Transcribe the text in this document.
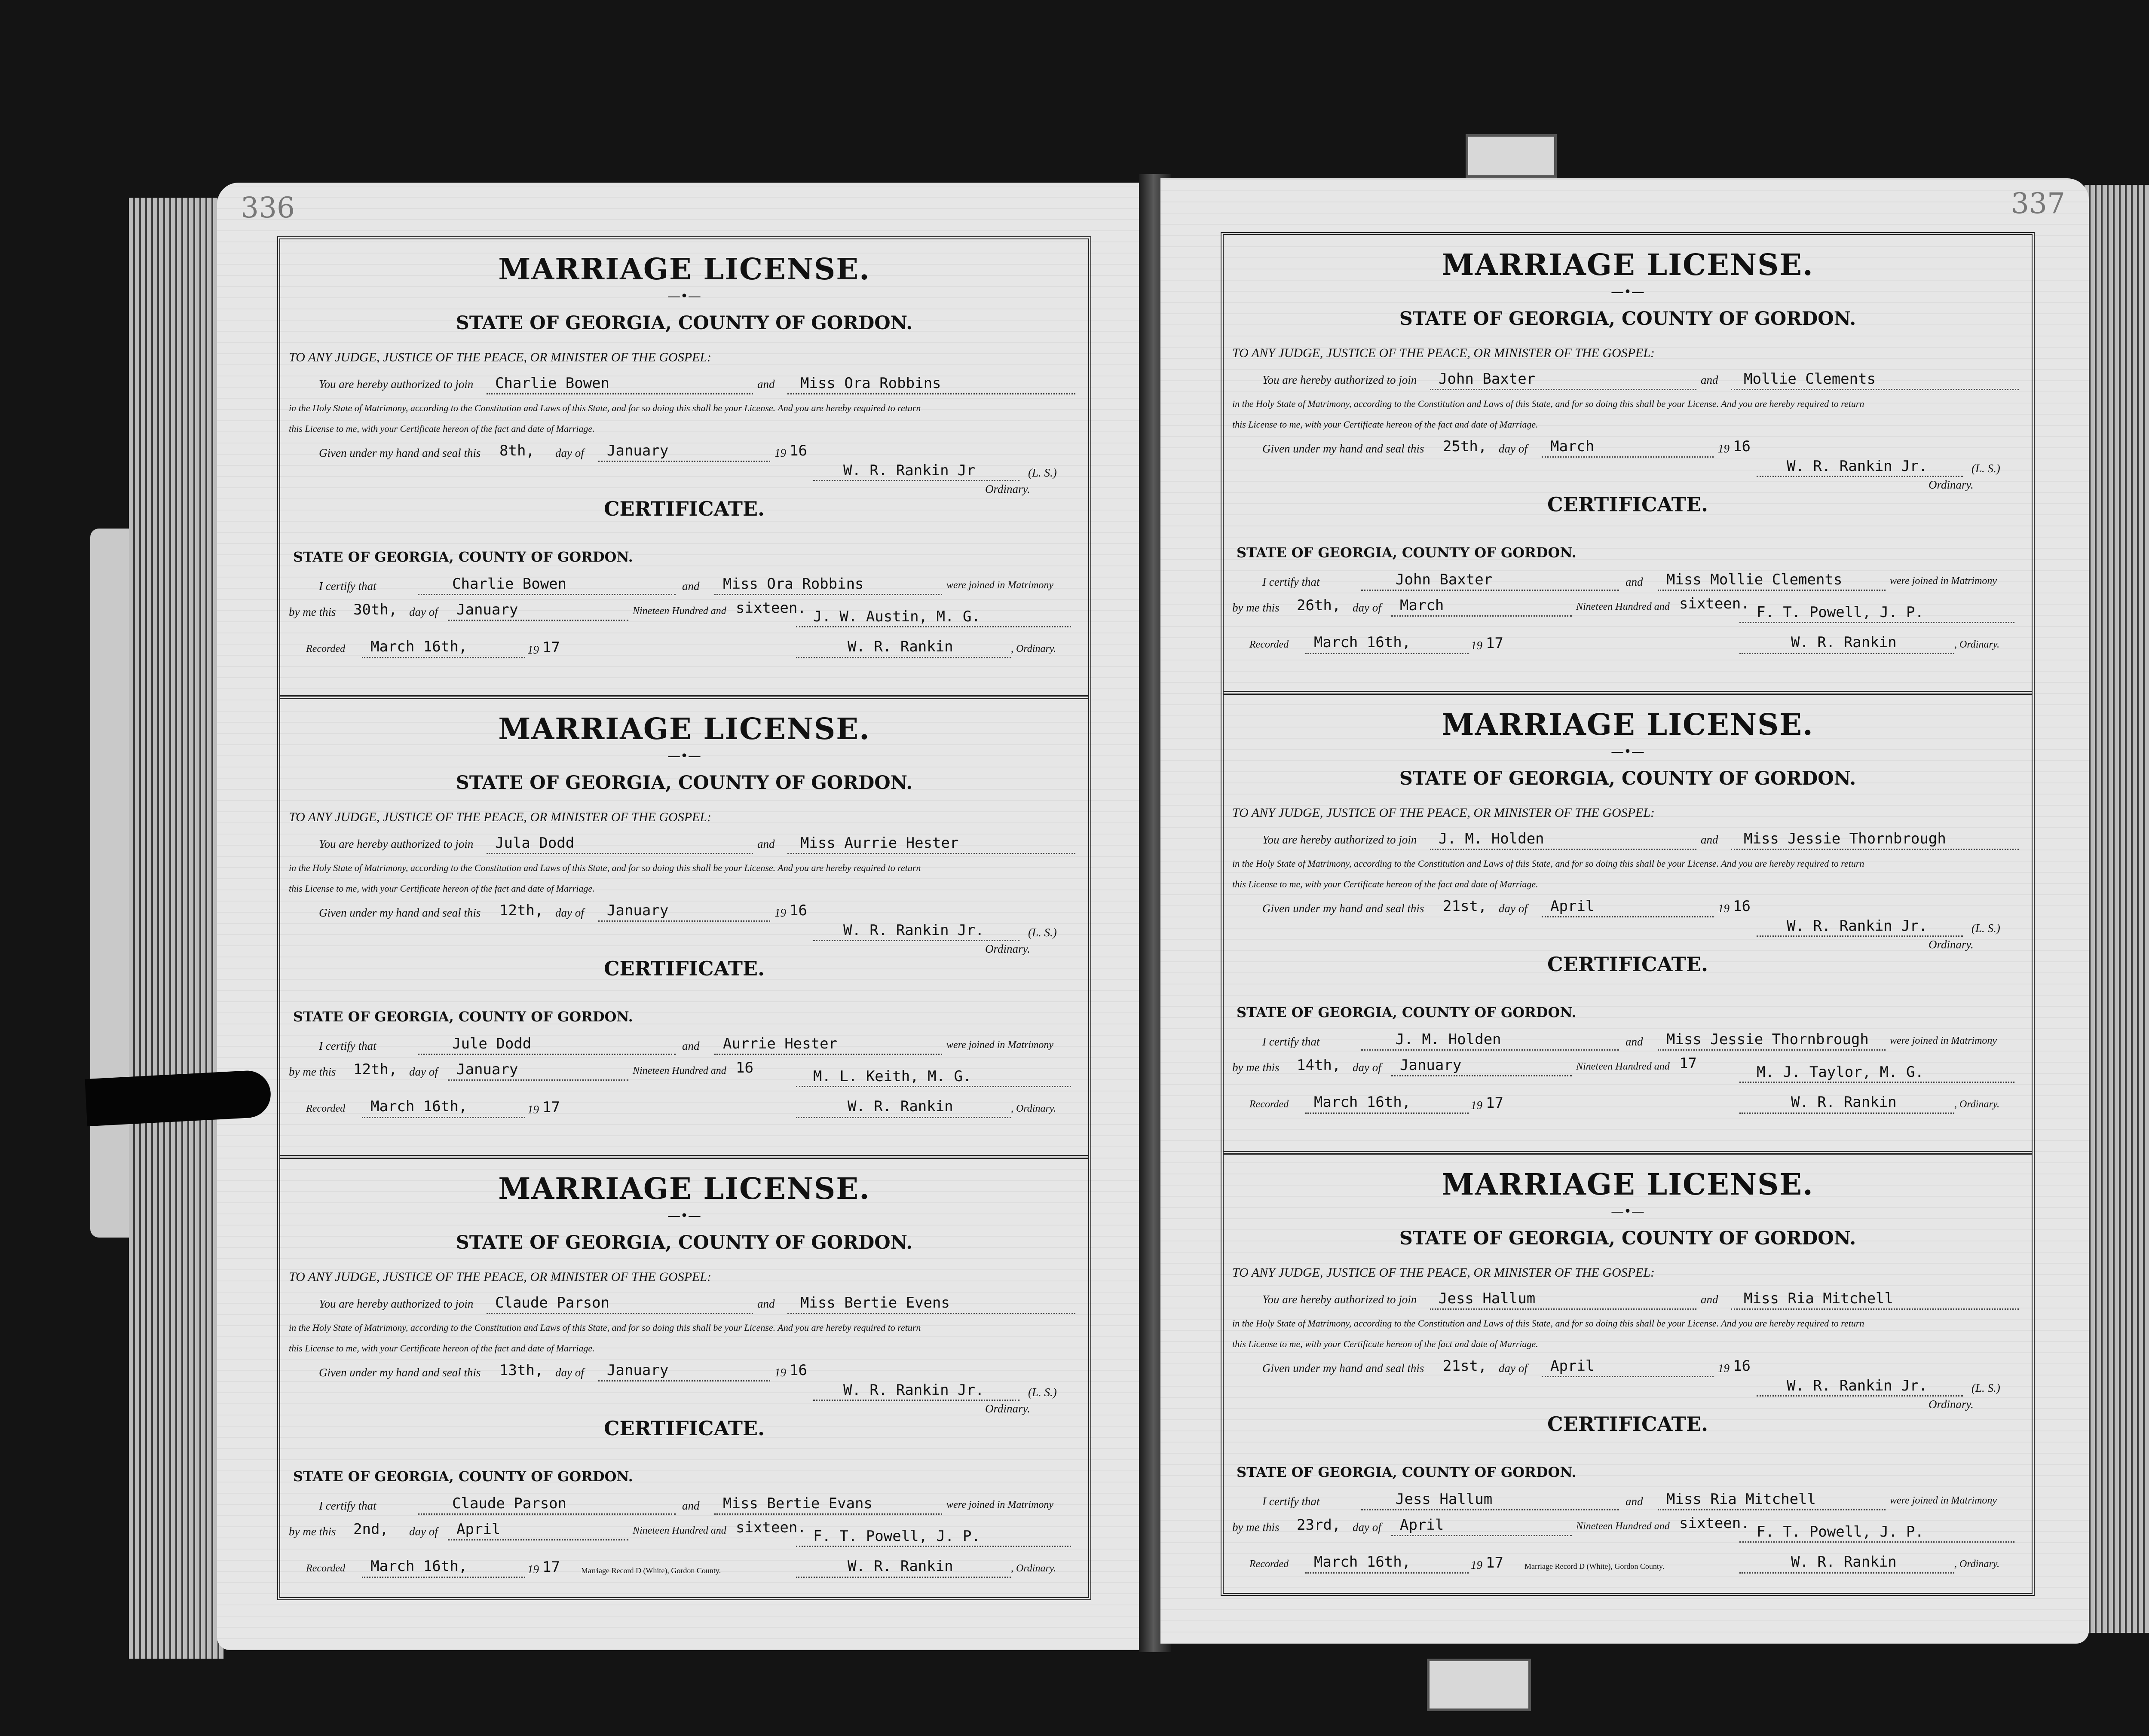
336
MARRIAGE LICENSE.
—•—
STATE OF GEORGIA, COUNTY OF GORDON.
TO ANY JUDGE, JUSTICE OF THE PEACE, OR MINISTER OF THE GOSPEL:
You are hereby authorized to join Charlie Bowen	and Miss Ora Robbins
in the Holy State of Matrimony, according to the Constitution and Laws of this State, and for so doing this shall be your License. And you are hereby required to return
this License to me, with your Certificate hereon of the fact and date of Marriage.
Given under my hand and seal this 8th, day of January	19 16
W. R. Rankin Jr	(L. S.)
Ordinary.
CERTIFICATE.
STATE OF GEORGIA, COUNTY OF GORDON.
I certify that	Charlie Bowen	and Miss Ora Robbins	were joined in Matrimony
by me this 30th, day of January	Nineteen Hundred and sixteen. J. W. Austin, M. G.
Recorded March 16th,	19 17	W. R. Rankin	, Ordinary.
MARRIAGE LICENSE.
—•—
STATE OF GEORGIA, COUNTY OF GORDON.
TO ANY JUDGE, JUSTICE OF THE PEACE, OR MINISTER OF THE GOSPEL:
You are hereby authorized to join Jula Dodd	and Miss Aurrie Hester
in the Holy State of Matrimony, according to the Constitution and Laws of this State, and for so doing this shall be your License. And you are hereby required to return
this License to me, with your Certificate hereon of the fact and date of Marriage.
Given under my hand and seal this 12th, day of January	19 16
W. R. Rankin Jr.	(L. S.)
Ordinary.
CERTIFICATE.
STATE OF GEORGIA, COUNTY OF GORDON.
I certify that	Jule Dodd	and Aurrie Hester	were joined in Matrimony
by me this 12th, day of January	Nineteen Hundred and 16	M. L. Keith, M. G.
Recorded March 16th,	19 17	W. R. Rankin	, Ordinary.
MARRIAGE LICENSE.
—•—
STATE OF GEORGIA, COUNTY OF GORDON.
TO ANY JUDGE, JUSTICE OF THE PEACE, OR MINISTER OF THE GOSPEL:
You are hereby authorized to join Claude Parson	and Miss Bertie Evens
in the Holy State of Matrimony, according to the Constitution and Laws of this State, and for so doing this shall be your License. And you are hereby required to return
this License to me, with your Certificate hereon of the fact and date of Marriage.
Given under my hand and seal this 13th, day of January	19 16
W. R. Rankin Jr.	(L. S.)
Ordinary.
CERTIFICATE.
STATE OF GEORGIA, COUNTY OF GORDON.
I certify that	Claude Parson	and Miss Bertie Evans	were joined in Matrimony
by me this 2nd, day of April	Nineteen Hundred and sixteen. F. T. Powell, J. P.
Recorded March 16th,	19 17	Marriage Record D (White), Gordon County.	W. R. Rankin	, Ordinary.
337
MARRIAGE LICENSE.
—•—
STATE OF GEORGIA, COUNTY OF GORDON.
TO ANY JUDGE, JUSTICE OF THE PEACE, OR MINISTER OF THE GOSPEL:
You are hereby authorized to join John Baxter	and Mollie Clements
in the Holy State of Matrimony, according to the Constitution and Laws of this State, and for so doing this shall be your License. And you are hereby required to return
this License to me, with your Certificate hereon of the fact and date of Marriage.
Given under my hand and seal this 25th, day of March	19 16
W. R. Rankin Jr.	(L. S.)
Ordinary.
CERTIFICATE.
STATE OF GEORGIA, COUNTY OF GORDON.
I certify that	John Baxter	and Miss Mollie Clements	were joined in Matrimony
by me this 26th, day of March	Nineteen Hundred and sixteen. F. T. Powell, J. P.
Recorded March 16th,	19 17	W. R. Rankin	, Ordinary.
MARRIAGE LICENSE.
—•—
STATE OF GEORGIA, COUNTY OF GORDON.
TO ANY JUDGE, JUSTICE OF THE PEACE, OR MINISTER OF THE GOSPEL:
You are hereby authorized to join J. M. Holden	and Miss Jessie Thornbrough
in the Holy State of Matrimony, according to the Constitution and Laws of this State, and for so doing this shall be your License. And you are hereby required to return
this License to me, with your Certificate hereon of the fact and date of Marriage.
Given under my hand and seal this 21st, day of April	19 16
W. R. Rankin Jr.	(L. S.)
Ordinary.
CERTIFICATE.
STATE OF GEORGIA, COUNTY OF GORDON.
I certify that	J. M. Holden	and Miss Jessie Thornbrough were joined in Matrimony
by me this 14th, day of January	Nineteen Hundred and 17	M. J. Taylor, M. G.
Recorded March 16th,	19 17	W. R. Rankin	, Ordinary.
MARRIAGE LICENSE.
—•—
STATE OF GEORGIA, COUNTY OF GORDON.
TO ANY JUDGE, JUSTICE OF THE PEACE, OR MINISTER OF THE GOSPEL:
You are hereby authorized to join Jess Hallum	and Miss Ria Mitchell
in the Holy State of Matrimony, according to the Constitution and Laws of this State, and for so doing this shall be your License. And you are hereby required to return
this License to me, with your Certificate hereon of the fact and date of Marriage.
Given under my hand and seal this 21st, day of April	19 16
W. R. Rankin Jr.	(L. S.)
Ordinary.
CERTIFICATE.
STATE OF GEORGIA, COUNTY OF GORDON.
I certify that	Jess Hallum	and Miss Ria Mitchell	were joined in Matrimony
by me this 23rd, day of April	Nineteen Hundred and sixteen. F. T. Powell, J. P.
Recorded March 16th,	19 17	Marriage Record D (White), Gordon County.	W. R. Rankin	, Ordinary.
